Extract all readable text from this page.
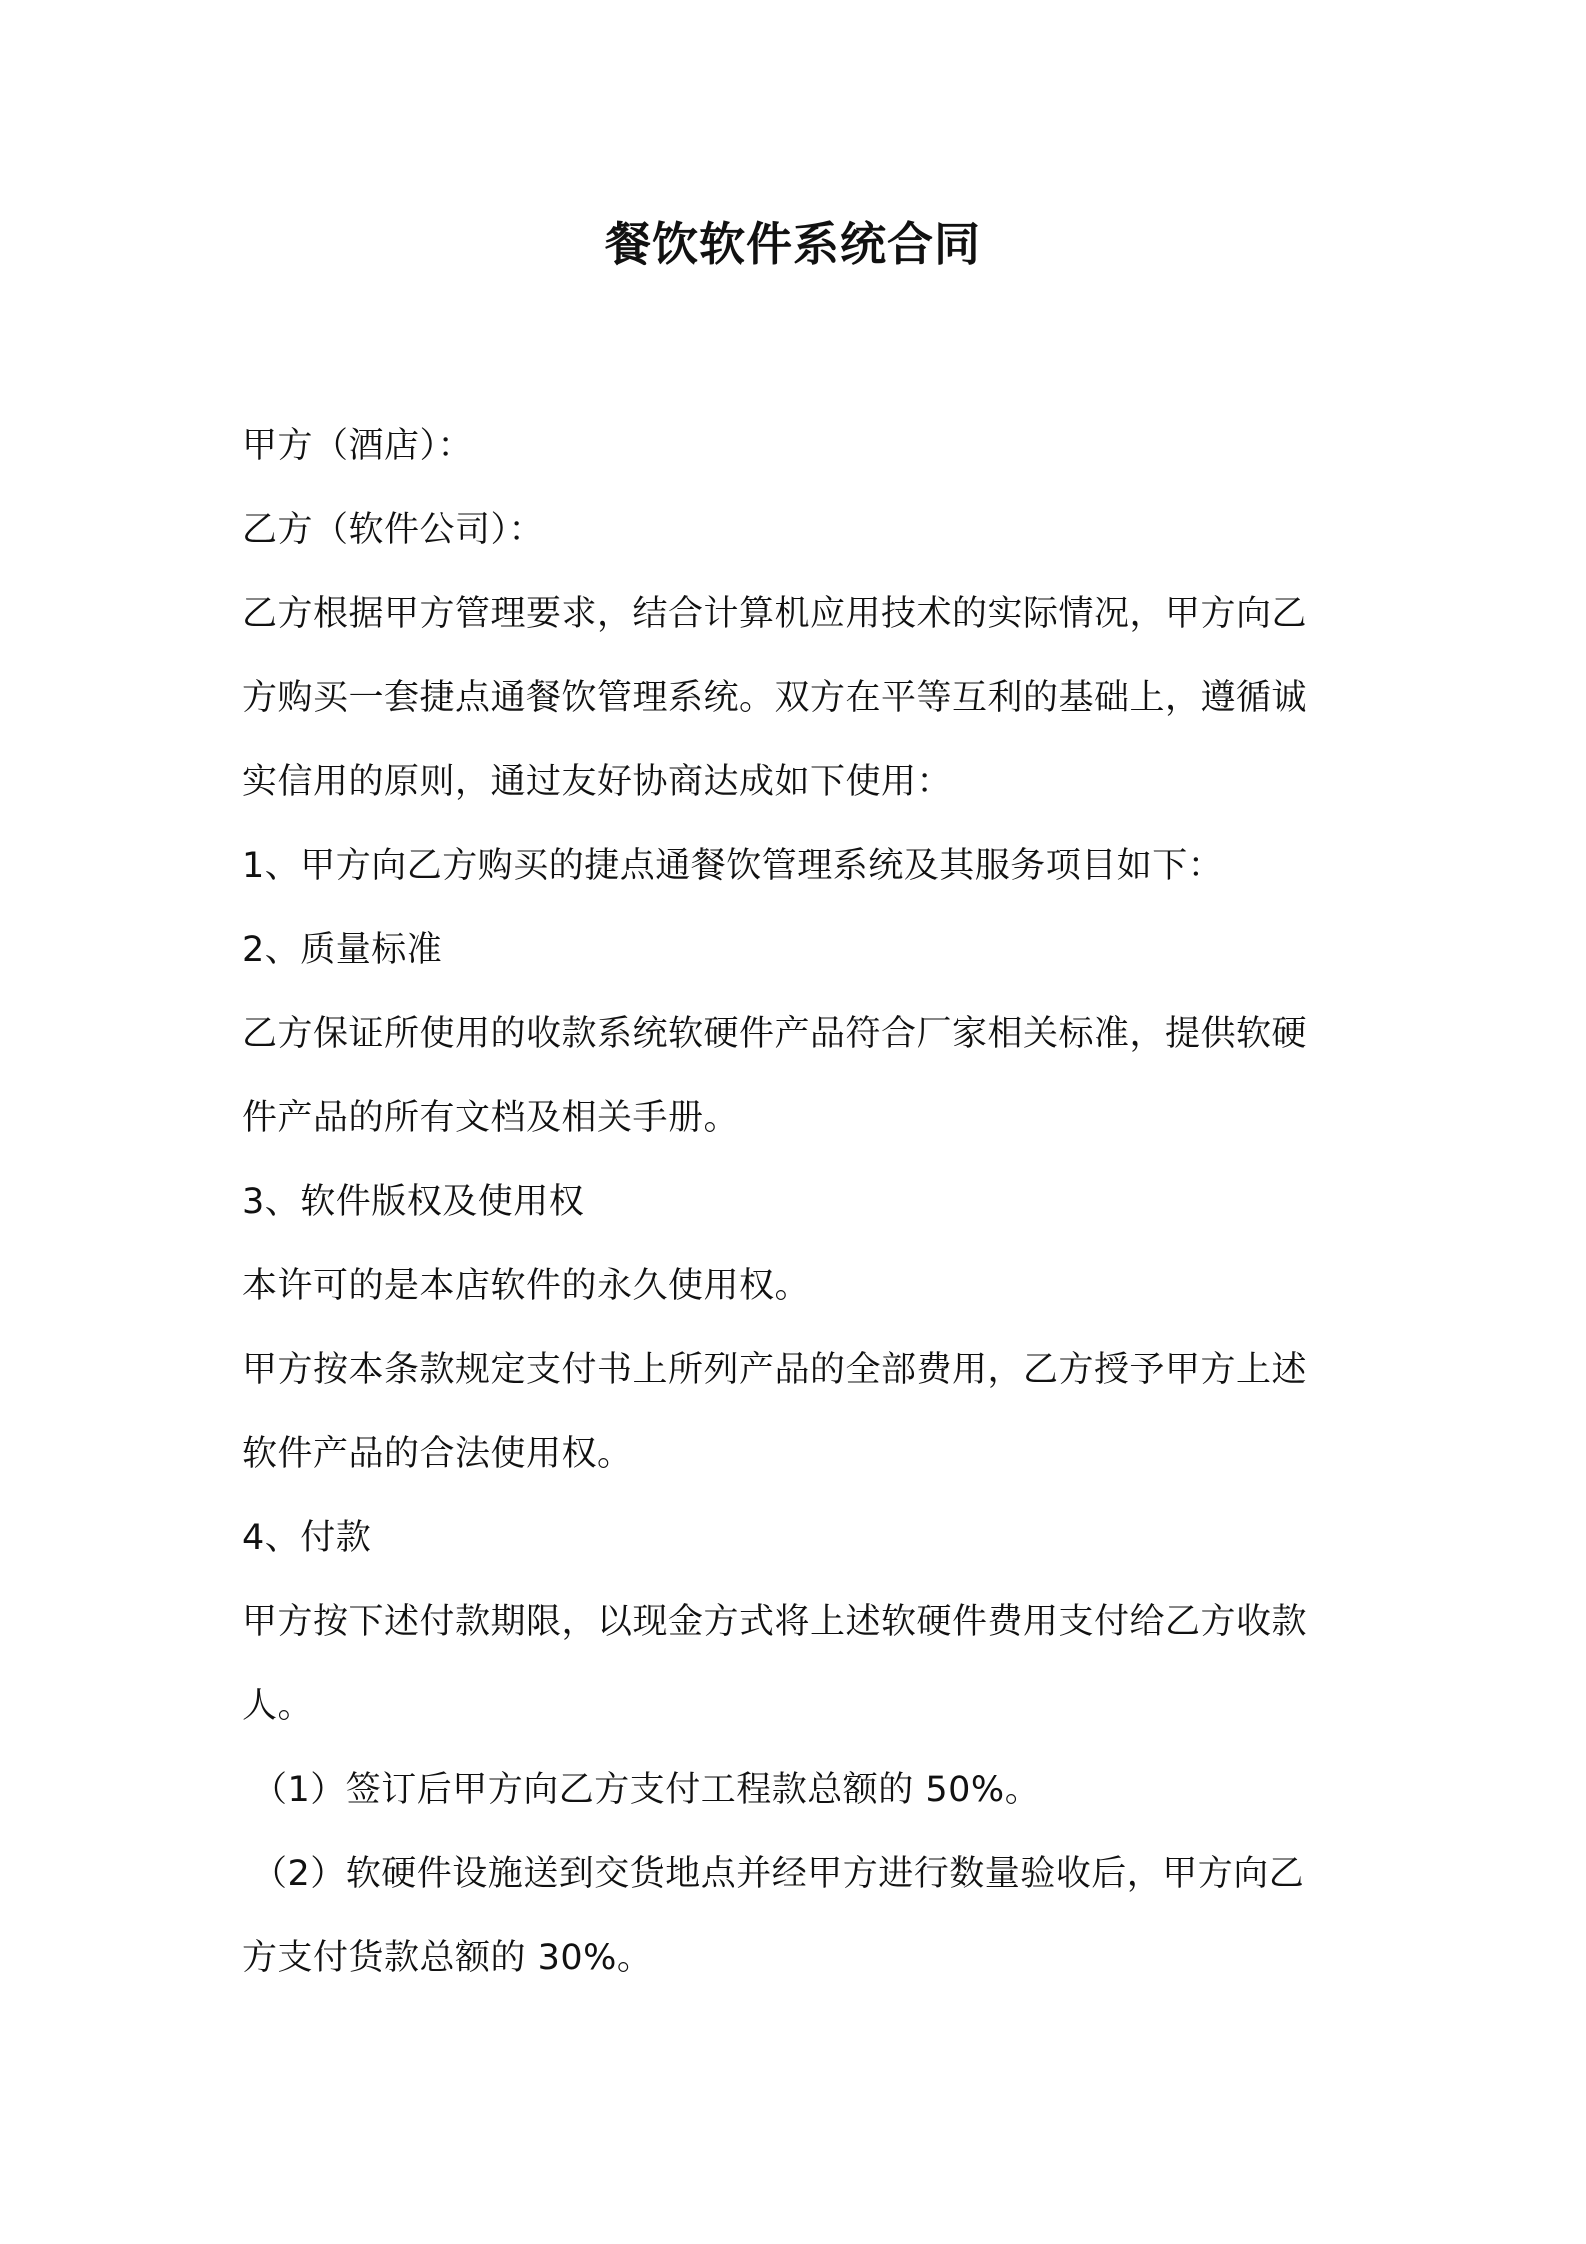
餐饮软件系统合同
甲方（酒店）：
乙方（软件公司）：
乙方根据甲方管理要求，结合计算机应用技术的实际情况，甲方向乙
方购买一套捷点通餐饮管理系统。双方在平等互利的基础上，遵循诚
实信用的原则，通过友好协商达成如下使用：
1、甲方向乙方购买的捷点通餐饮管理系统及其服务项目如下：
2、质量标准
乙方保证所使用的收款系统软硬件产品符合厂家相关标准，提供软硬
件产品的所有文档及相关手册。
3、软件版权及使用权
本许可的是本店软件的永久使用权。
甲方按本条款规定支付书上所列产品的全部费用，乙方授予甲方上述
软件产品的合法使用权。
4、付款
甲方按下述付款期限，以现金方式将上述软硬件费用支付给乙方收款
人。
（1）签订后甲方向乙方支付工程款总额的 50%。
（2）软硬件设施送到交货地点并经甲方进行数量验收后，甲方向乙
方支付货款总额的 30%。
